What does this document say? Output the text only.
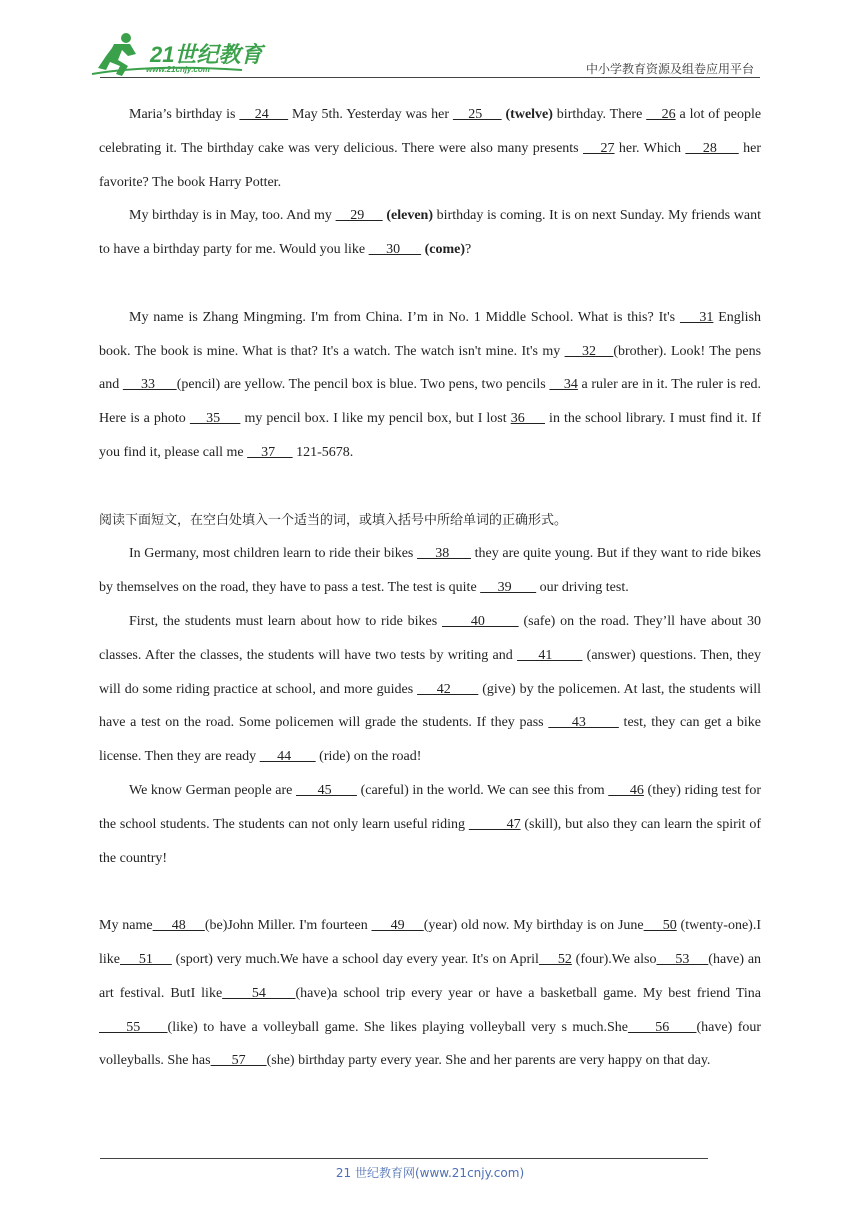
21世纪教育
www.21cnjy.com	中小学教育资源及组卷应用平台

Maria’s birthday is     24      May 5th. Yesterday was her     25      (twelve) birthday. There     26 a lot of people celebrating it. The birthday cake was very delicious. There were also many presents     27 her. Which     28      her favorite? The book Harry Potter.

My birthday is in May, too. And my     29      (eleven) birthday is coming. It is on next Sunday. My friends want to have a birthday party for me. Would you like      30       (come)?

My name is Zhang Mingming. I'm from China. I’m in No. 1 Middle School. What is this? It's     31 English book. The book is mine. What is that? It's a watch. The watch isn't mine. It's my     32    (brother). Look! The pens and      33      (pencil) are yellow. The pencil box is blue. Two pens, two pencils     34 a ruler are in it. The ruler is red. Here is a photo     35      my pencil box. I like my pencil box, but I lost 36      in the school library. I must find it. If you find it, please call me     37      121-5678.

阅读下面短文，在空白处填入一个适当的词，或填入括号中所给单词的正确形式。

In Germany, most children learn to ride their bikes      38       they are quite young. But if they want to ride bikes by themselves on the road, they have to pass a test. The test is quite      39        our driving test.

First, the students must learn about how to ride bikes       40        (safe) on the road. They’ll have about 30 classes. After the classes, the students will have two tests by writing and      41        (answer) questions. Then, they will do some riding practice at school, and more guides      42        (give) by the policemen. At last, the students will have a test on the road. Some policemen will grade the students. If they pass      43        test, they can get a bike license. Then they are ready      44        (ride) on the road!

We know German people are       45        (careful) in the world. We can see this from       46 (they) riding test for the school students. The students can not only learn useful riding           47 (skill), but also they can learn the spirit of the country!

My name     48     (be)John Miller. I'm fourteen      49     (year) old now. My birthday is on June     50 (twenty-one).I like     51      (sport) very much.We have a school day every year. It's on April     52 (four).We also     53     (have) an art festival. ButI like     54     (have)a school trip every year or have a basketball game. My best friend Tina     55     (like) to have a volleyball game. She likes playing volleyball very s much.She     56     (have) four volleyballs. She has      57      (she) birthday party every year. She and her parents are very happy on that day.

21 世纪教育网(www.21cnjy.com)
